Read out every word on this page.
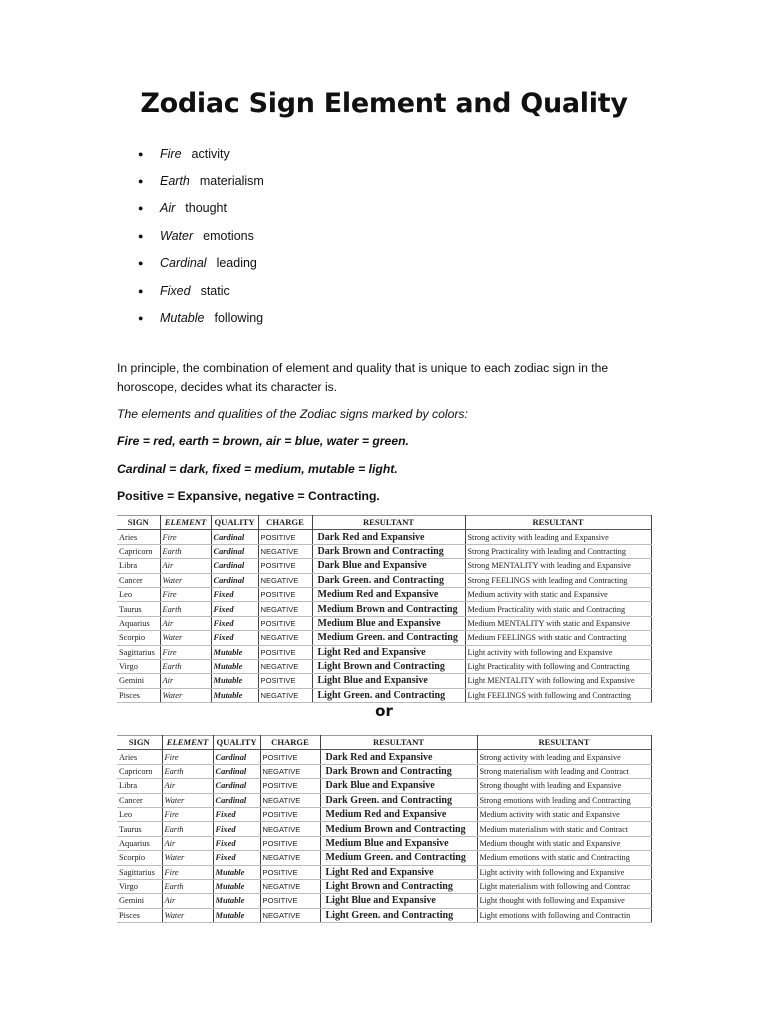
Zodiac Sign Element and Quality
●	Fire activity
●	Earth materialism
●	Air thought
●	Water emotions
●	Cardinal leading
●	Fixed static
●	Mutable following
In principle, the combination of element and quality that is unique to each zodiac sign in the horoscope, decides what its character is.
The elements and qualities of the Zodiac signs marked by colors:
Fire = red, earth = brown, air = blue, water = green.
Cardinal = dark, fixed = medium, mutable = light.
Positive = Expansive, negative = Contracting.
SIGN	ELEMENT	QUALITY	CHARGE	RESULTANT	RESULTANT
Aries	Fire	Cardinal	POSITIVE	Dark Red and Expansive	Strong activity with leading and Expansive
Capricorn	Earth	Cardinal	NEGATIVE	Dark Brown and Contracting	Strong Practicality with leading and Contracting
Libra	Air	Cardinal	POSITIVE	Dark Blue and Expansive	Strong MENTALITY with leading and Expansive
Cancer	Water	Cardinal	NEGATIVE	Dark Green. and Contracting	Strong FEELINGS with leading and Contracting
Leo	Fire	Fixed	POSITIVE	Medium Red and Expansive	Medium activity with static and Expansive
Taurus	Earth	Fixed	NEGATIVE	Medium Brown and Contracting	Medium Practicality with static and Contracting
Aquarius	Air	Fixed	POSITIVE	Medium Blue and Expansive	Medium MENTALITY with static and Expansive
Scorpio	Water	Fixed	NEGATIVE	Medium Green. and Contracting	Medium FEELINGS with static and Contracting
Sagittarius	Fire	Mutable	POSITIVE	Light Red and Expansive	Light activity with following and Expansive
Virgo	Earth	Mutable	NEGATIVE	Light Brown and Contracting	Light Practicality with following and Contracting
Gemini	Air	Mutable	POSITIVE	Light Blue and Expansive	Light MENTALITY with following and Expansive
Pisces	Water	Mutable	NEGATIVE	Light Green. and Contracting	Light FEELINGS with following and Contracting
or
SIGN	ELEMENT	QUALITY	CHARGE	RESULTANT	RESULTANT
Aries	Fire	Cardinal	POSITIVE	Dark Red and Expansive	Strong activity with leading and Expansive
Capricorn	Earth	Cardinal	NEGATIVE	Dark Brown and Contracting	Strong materialism with leading and Contract
Libra	Air	Cardinal	POSITIVE	Dark Blue and Expansive	Strong thought with leading and Expansive
Cancer	Water	Cardinal	NEGATIVE	Dark Green. and Contracting	Strong emotions with leading and Contracting
Leo	Fire	Fixed	POSITIVE	Medium Red and Expansive	Medium activity with static and Expansive
Taurus	Earth	Fixed	NEGATIVE	Medium Brown and Contracting	Medium materialism with static and Contract
Aquarius	Air	Fixed	POSITIVE	Medium Blue and Expansive	Medium thought with static and Expansive
Scorpio	Water	Fixed	NEGATIVE	Medium Green. and Contracting	Medium emotions with static and Contracting
Sagittarius	Fire	Mutable	POSITIVE	Light Red and Expansive	Light activity with following and Expansive
Virgo	Earth	Mutable	NEGATIVE	Light Brown and Contracting	Light materialism with following and Contrac
Gemini	Air	Mutable	POSITIVE	Light Blue and Expansive	Light thought with following and Expansive
Pisces	Water	Mutable	NEGATIVE	Light Green. and Contracting	Light emotions with following and Contractin
